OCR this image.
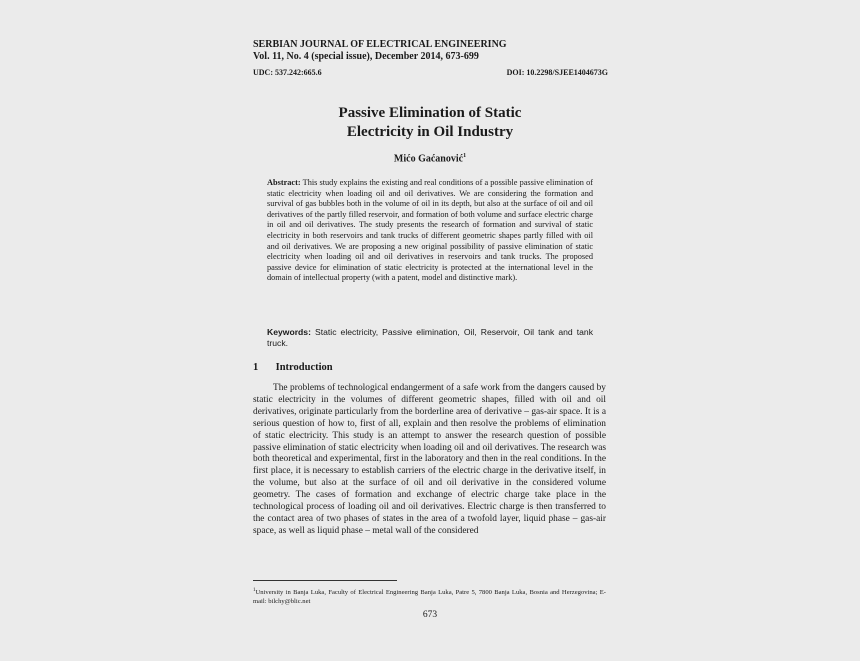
SERBIAN JOURNAL OF ELECTRICAL ENGINEERING
Vol. 11, No. 4 (special issue), December 2014, 673-699
UDC: 537.242:665.6	DOI: 10.2298/SJEE1404673G
Passive Elimination of Static
Electricity in Oil Industry
Mićo Gaćanović$^1$
Abstract: This study explains the existing and real conditions of a possible passive elimination of static electricity when loading oil and oil derivatives. We are considering the formation and survival of gas bubbles both in the volume of oil in its depth, but also at the surface of oil and oil derivatives of the partly filled reservoir, and formation of both volume and surface electric charge in oil and oil derivatives. The study presents the research of formation and survival of static electricity in both reservoirs and tank trucks of different geometric shapes partly filled with oil and oil derivatives. We are proposing a new original possibility of passive elimination of static electricity when loading oil and oil derivatives in reservoirs and tank trucks. The proposed passive device for elimination of static electricity is protected at the international level in the domain of intellectual property (with a patent, model and distinctive mark).
Keywords: Static electricity, Passive elimination, Oil, Reservoir, Oil tank and tank truck.
1 Introduction
The problems of technological endangerment of a safe work from the dangers caused by static electricity in the volumes of different geometric shapes, filled with oil and oil derivatives, originate particularly from the borderline area of derivative – gas-air space. It is a serious question of how to, first of all, explain and then resolve the problems of elimination of static electricity. This study is an attempt to answer the research question of possible passive elimination of static electricity when loading oil and oil derivatives. The research was both theoretical and experimental, first in the laboratory and then in the real conditions. In the first place, it is necessary to establish carriers of the electric charge in the derivative itself, in the volume, but also at the surface of oil and oil derivative in the considered volume geometry. The cases of formation and exchange of electric charge take place in the technological process of loading oil and oil derivatives. Electric charge is then transferred to the contact area of two phases of states in the area of a twofold layer, liquid phase – gas-air space, as well as liquid phase – metal wall of the considered
$^1$University in Banja Luka, Faculty of Electrical Engineering Banja Luka, Patre 5, 7800 Banja Luka, Bosnia and Herzegovina; E-mail: bilchy@blic.net
673
